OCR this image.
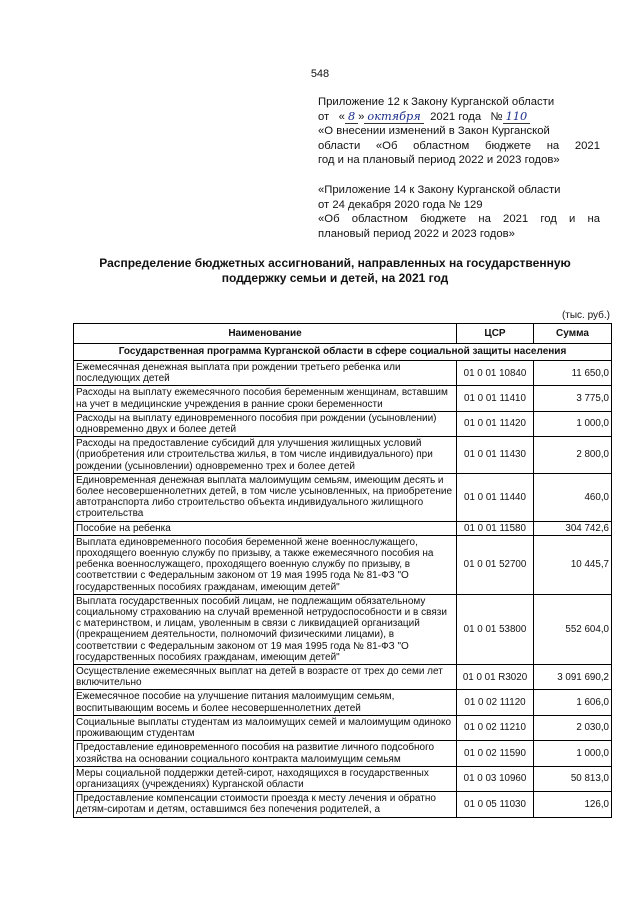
548
Приложение 12 к Закону Курганской области
от « 8 » октября 2021 года № 110
«О внесении изменений в Закон Курганской
области «Об областном бюджете на 2021
год и на плановый период 2022 и 2023 годов»
«Приложение 14 к Закону Курганской области
от 24 декабря 2020 года № 129
«Об областном бюджете на 2021 год и на
плановый период 2022 и 2023 годов»
Распределение бюджетных ассигнований, направленных на государственную
поддержку семьи и детей, на 2021 год
(тыс. руб.)
Наименование	ЦСР	Сумма
Государственная программа Курганской области в сфере социальной защиты населения		
Ежемесячная денежная выплата при рождении третьего ребенка или последующих детей	01 0 01 10840	11 650,0
Расходы на выплату ежемесячного пособия беременным женщинам, вставшим на учет в медицинские учреждения в ранние сроки беременности	01 0 01 11410	3 775,0
Расходы на выплату единовременного пособия при рождении (усыновлении) одновременно двух и более детей	01 0 01 11420	1 000,0
Расходы на предоставление субсидий для улучшения жилищных условий (приобретения или строительства жилья, в том числе индивидуального) при рождении (усыновлении) одновременно трех и более детей	01 0 01 11430	2 800,0
Единовременная денежная выплата малоимущим семьям, имеющим десять и более несовершеннолетних детей, в том числе усыновленных, на приобретение автотранспорта либо строительство объекта индивидуального жилищного строительства	01 0 01 11440	460,0
Пособие на ребенка	01 0 01 11580	304 742,6
Выплата единовременного пособия беременной жене военнослужащего, проходящего военную службу по призыву, а также ежемесячного пособия на ребенка военнослужащего, проходящего военную службу по призыву, в соответствии с Федеральным законом от 19 мая 1995 года № 81-ФЗ "О государственных пособиях гражданам, имеющим детей"	01 0 01 52700	10 445,7
Выплата государственных пособий лицам, не подлежащим обязательному социальному страхованию на случай временной нетрудоспособности и в связи с материнством, и лицам, уволенным в связи с ликвидацией организаций (прекращением деятельности, полномочий физическими лицами), в соответствии с Федеральным законом от 19 мая 1995 года № 81-ФЗ "О государственных пособиях гражданам, имеющим детей"	01 0 01 53800	552 604,0
Осуществление ежемесячных выплат на детей в возрасте от трех до семи лет включительно	01 0 01 R3020	3 091 690,2
Ежемесячное пособие на улучшение питания малоимущим семьям, воспитывающим восемь и более несовершеннолетних детей	01 0 02 11120	1 606,0
Социальные выплаты студентам из малоимущих семей и малоимущим одиноко проживающим студентам	01 0 02 11210	2 030,0
Предоставление единовременного пособия на развитие личного подсобного хозяйства на основании социального контракта малоимущим семьям	01 0 02 11590	1 000,0
Меры социальной поддержки детей-сирот, находящихся в государственных организациях (учреждениях) Курганской области	01 0 03 10960	50 813,0
Предоставление компенсации стоимости проезда к месту лечения и обратно детям-сиротам и детям, оставшимся без попечения родителей, а	01 0 05 11030	126,0
